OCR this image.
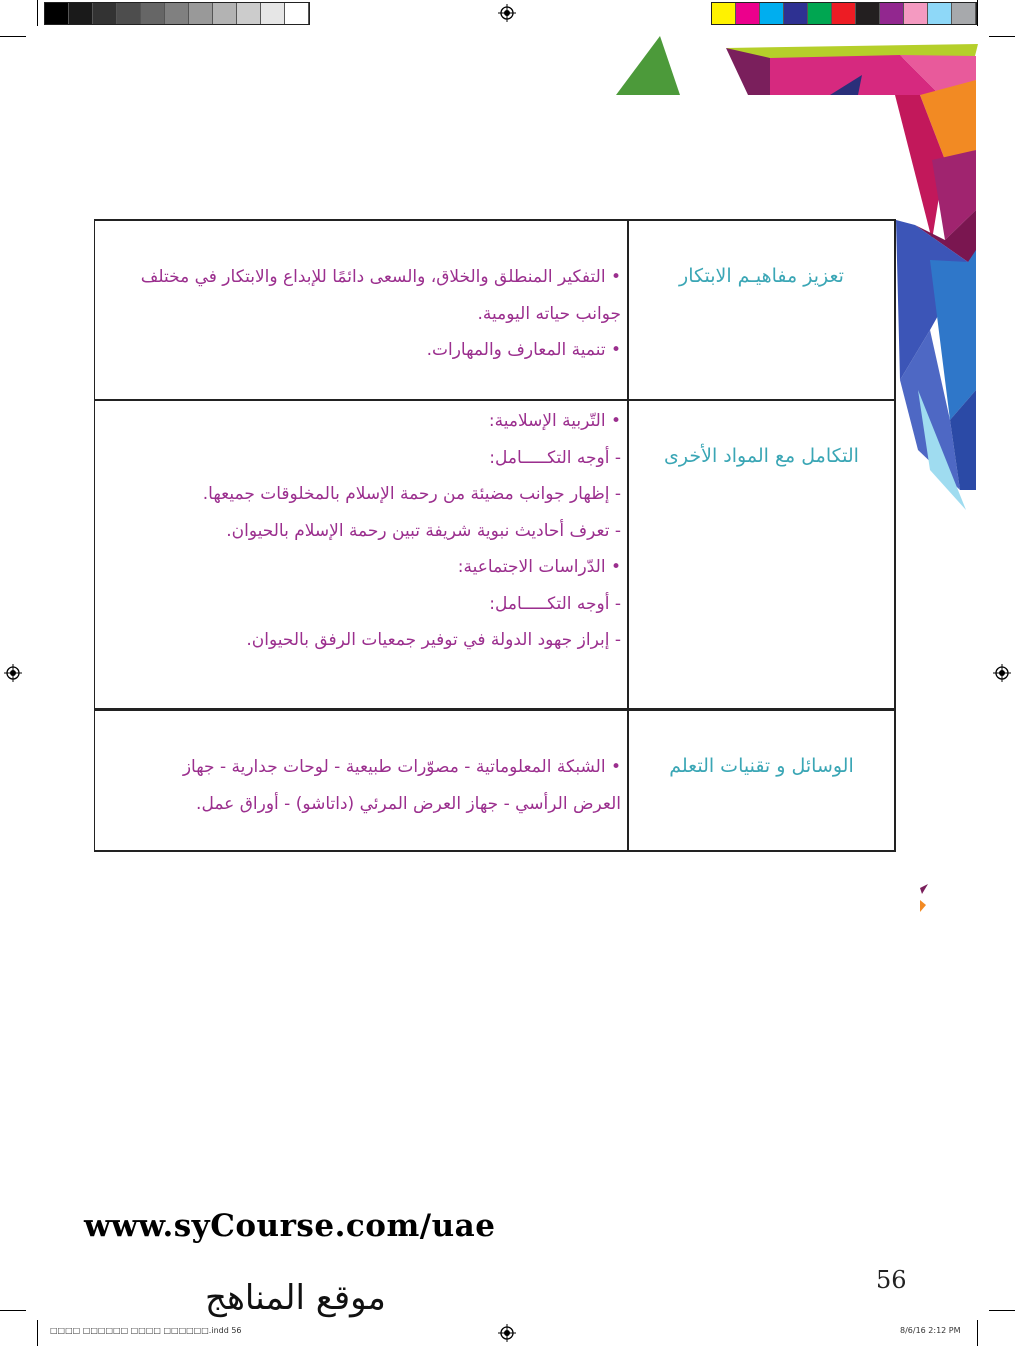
تعزيز مفاهيـم الابتكار

• التفكير المنطلق والخلاق، والسعى دائمًا للإبداع والابتكار في مختلف

جوانب حياته اليومية.

• تنمية المعارف والمهارات.

التكامل مع المواد الأخرى

• التّربية الإسلامية:

- أوجه التكـــــامل:

- إظهار جوانب مضيئة من رحمة الإسلام بالمخلوقات جميعها.

- تعرف أحاديث نبوية شريفة تبين رحمة الإسلام بالحيوان.

• الدّراسات الاجتماعية:

- أوجه التكـــــامل:

- إبراز جهود الدولة في توفير جمعيات الرفق بالحيوان.

الوسائل و تقنيات التعلم

• الشبكة المعلوماتية - مصوّرات طبيعية - لوحات جدارية - جهاز

العرض الرأسي - جهاز العرض المرئي (داتاشو) - أوراق عمل.

www.syCourse.com/uae
موقع المناهج	56
□□□□ □□□□□□ □□□□ □□□□□□.indd 56	8/6/16 2:12 PM
